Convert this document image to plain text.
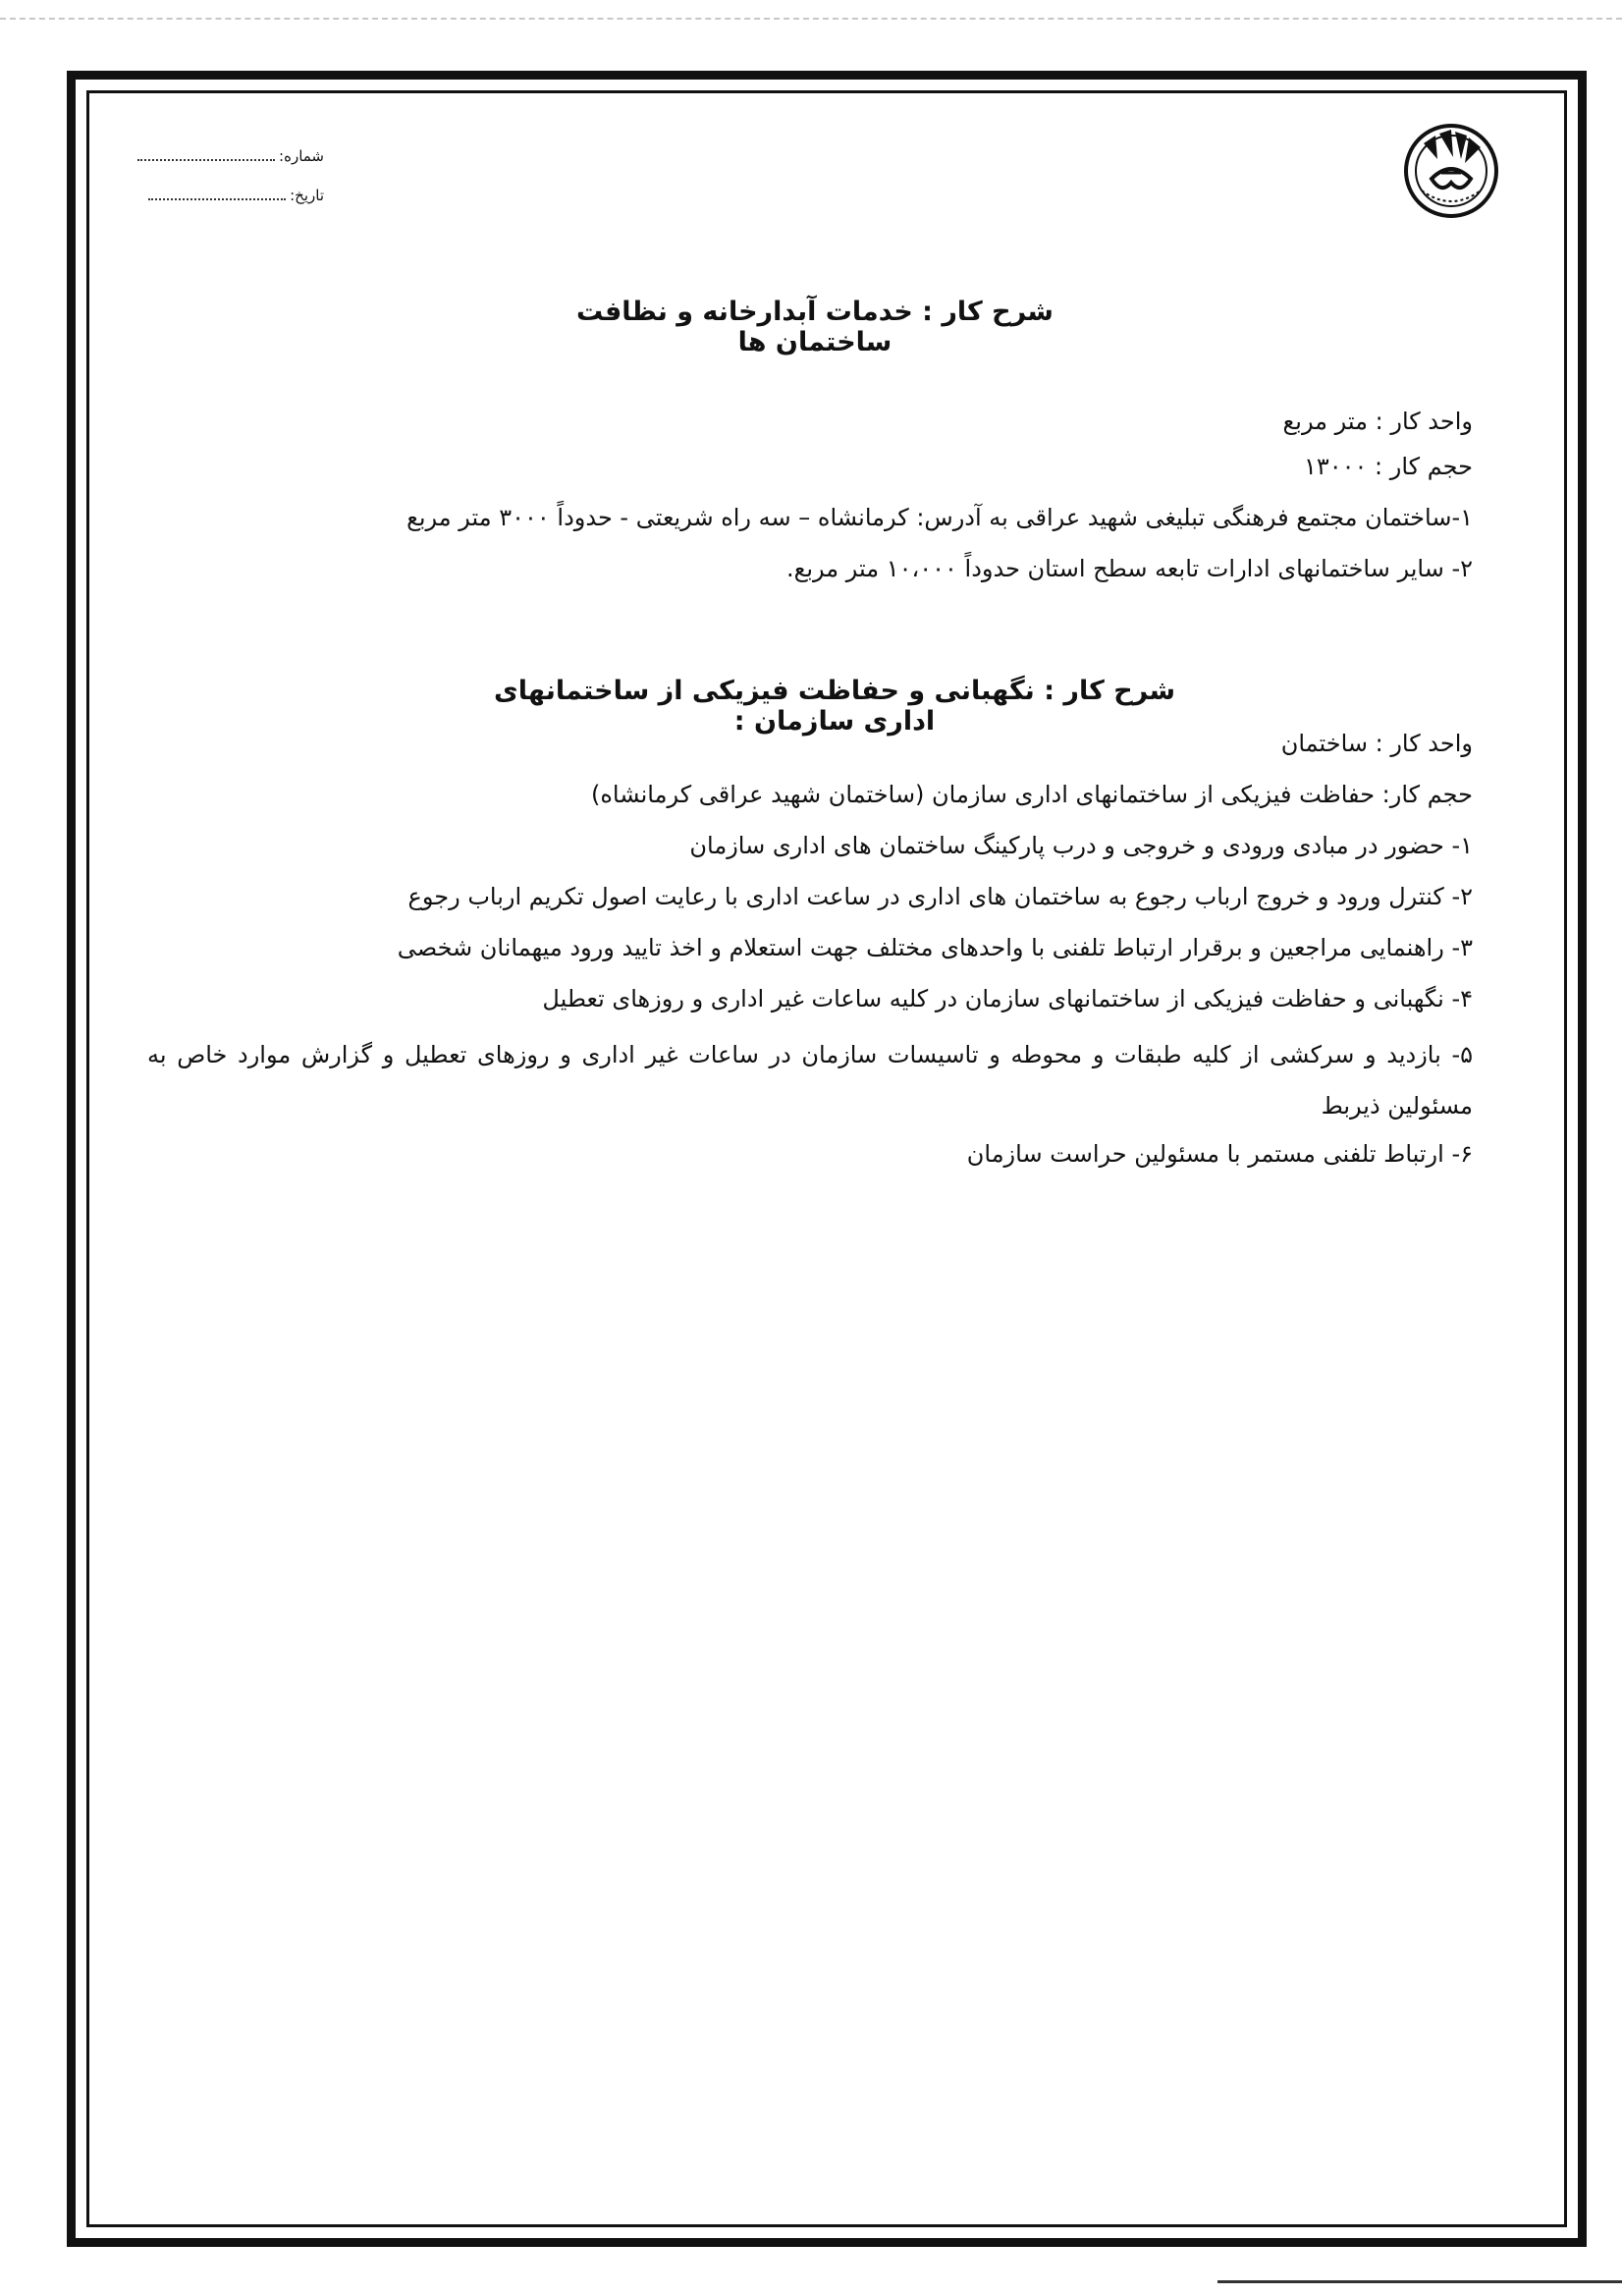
شماره:
تاریخ:
شرح کار : خدمات آبدارخانه و نظافت ساختمان ها
واحد کار : متر مربع
حجم کار : ۱۳۰۰۰
۱-ساختمان مجتمع فرهنگی تبلیغی شهید عراقی به آدرس: کرمانشاه – سه راه شریعتی - حدوداً ۳۰۰۰ متر مربع
۲- سایر ساختمانهای ادارات تابعه سطح استان حدوداً ۱۰،۰۰۰ متر مربع.
شرح کار : نگهبانی و حفاظت فیزیکی از ساختمانهای اداری سازمان :
واحد کار : ساختمان
حجم کار: حفاظت فیزیکی از ساختمانهای اداری سازمان (ساختمان شهید عراقی کرمانشاه)
۱- حضور در مبادی ورودی و خروجی و درب پارکینگ ساختمان های اداری سازمان
۲- کنترل ورود و خروج ارباب رجوع به ساختمان های اداری در ساعت اداری با رعایت اصول تکریم ارباب رجوع
۳- راهنمایی مراجعین و برقرار ارتباط تلفنی با واحدهای مختلف جهت استعلام و اخذ تایید ورود میهمانان شخصی
۴- نگهبانی و حفاظت فیزیکی از ساختمانهای سازمان در کلیه ساعات غیر اداری و روزهای تعطیل
۵- بازدید و سرکشی از کلیه طبقات و محوطه و تاسیسات سازمان در ساعات غیر اداری و روزهای تعطیل و گزارش موارد خاص به مسئولین ذیربط
۶- ارتباط تلفنی مستمر با مسئولین حراست سازمان
